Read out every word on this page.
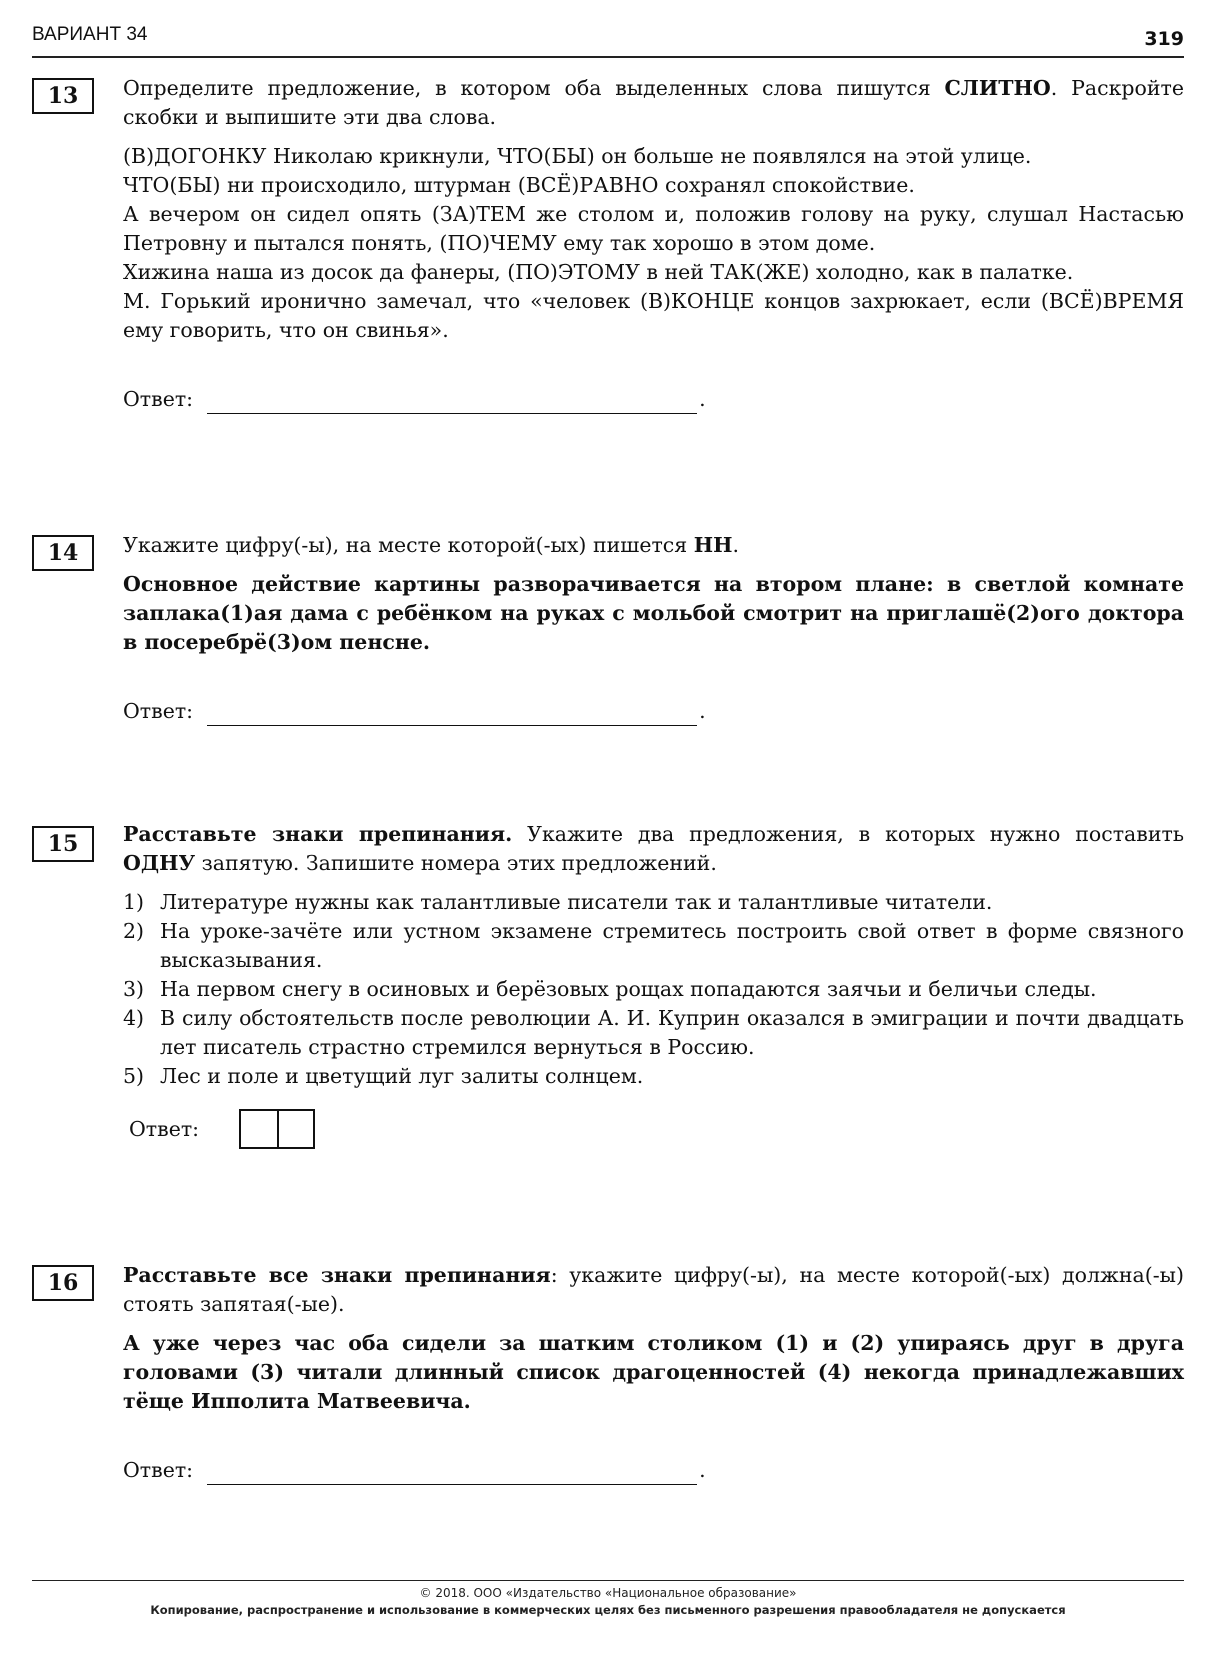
ВАРИАНТ 34	319
13	Определите предложение, в котором оба выделенных слова пишутся СЛИТНО. Раскройте скобки и выпишите эти два слова.

(В)ДОГОНКУ Николаю крикнули, ЧТО(БЫ) он больше не появлялся на этой улице.

ЧТО(БЫ) ни происходило, штурман (ВСЁ)РАВНО сохранял спокойствие.

А вечером он сидел опять (ЗА)ТЕМ же столом и, положив голову на руку, слушал Настасью Петровну и пытался понять, (ПО)ЧЕМУ ему так хорошо в этом доме.

Хижина наша из досок да фанеры, (ПО)ЭТОМУ в ней ТАК(ЖЕ) холодно, как в палатке.

М. Горький иронично замечал, что «человек (В)КОНЦЕ концов захрюкает, если (ВСЁ)ВРЕМЯ ему говорить, что он свинья».

Ответ:	.
14	Укажите цифру(-ы), на месте которой(-ых) пишется НН.

Основное действие картины разворачивается на втором плане: в светлой комнате заплака(1)ая дама с ребёнком на руках с мольбой смотрит на приглашё(2)ого доктора в посеребрё(3)ом пенсне.

Ответ:	.
15	Расставьте знаки препинания. Укажите два предложения, в которых нужно поставить ОДНУ запятую. Запишите номера этих предложений.

1) Литературе нужны как талантливые писатели так и талантливые читатели.
2) На уроке-зачёте или устном экзамене стремитесь построить свой ответ в форме связного высказывания.
3) На первом снегу в осиновых и берёзовых рощах попадаются заячьи и беличьи следы.
4) В силу обстоятельств после революции А. И. Куприн оказался в эмиграции и почти двадцать лет писатель страстно стремился вернуться в Россию.
5) Лес и поле и цветущий луг залиты солнцем.
Ответ:
16	Расставьте все знаки препинания: укажите цифру(-ы), на месте которой(-ых) должна(-ы) стоять запятая(-ые).

А уже через час оба сидели за шатким столиком (1) и (2) упираясь друг в друга головами (3) читали длинный список драгоценностей (4) некогда принадлежавших тёще Ипполита Матвеевича.

Ответ:	.
© 2018. ООО «Издательство «Национальное образование»
Копирование, распространение и использование в коммерческих целях без письменного разрешения правообладателя не допускается
